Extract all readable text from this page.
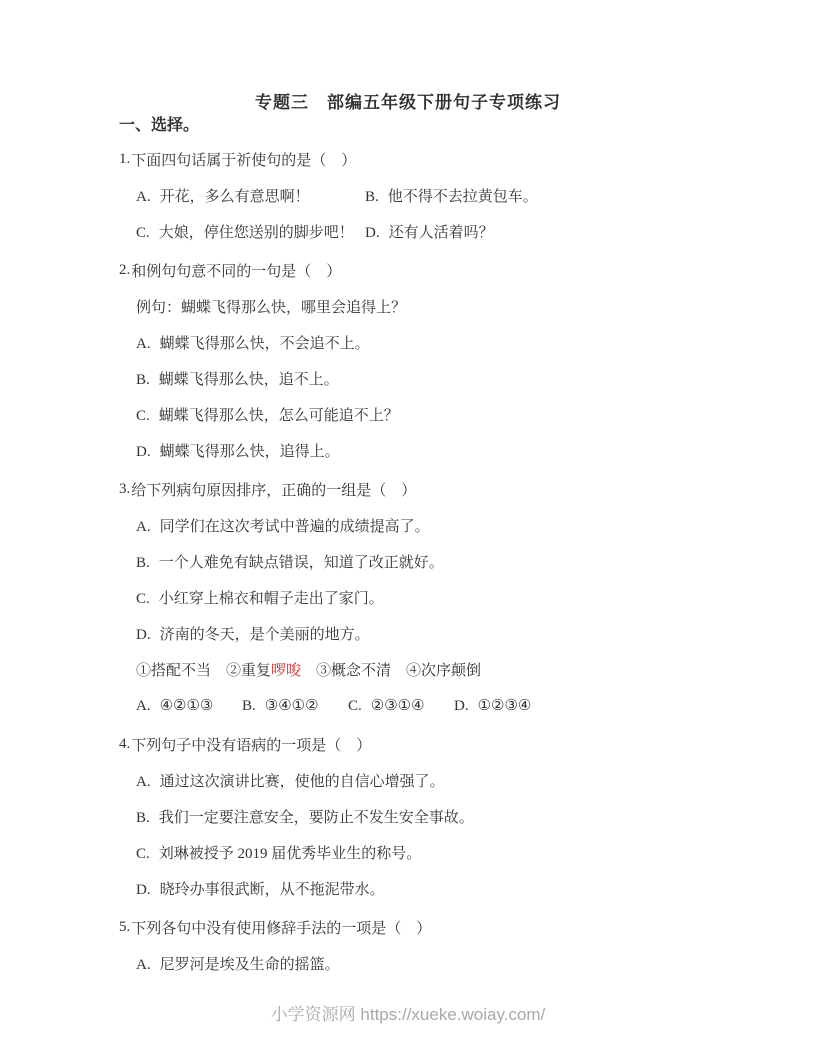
专题三　部编五年级下册句子专项练习
一、选择。
1. 下面四句话属于祈使句的是（　）
A. 开花，多么有意思啊！	B. 他不得不去拉黄包车。
C. 大娘，停住您送别的脚步吧！ D. 还有人活着吗？
2. 和例句句意不同的一句是（　）
例句：蝴蝶飞得那么快，哪里会追得上？
A. 蝴蝶飞得那么快，不会追不上。
B. 蝴蝶飞得那么快，追不上。
C. 蝴蝶飞得那么快，怎么可能追不上？
D. 蝴蝶飞得那么快，追得上。
3. 给下列病句原因排序，正确的一组是（　）
A. 同学们在这次考试中普遍的成绩提高了。
B. 一个人难免有缺点错误，知道了改正就好。
C. 小红穿上棉衣和帽子走出了家门。
D. 济南的冬天，是个美丽的地方。
①搭配不当　②重复 啰唆 　③概念不清　④次序颠倒
A. ④②①③ B. ③④①② C. ②③①④ D. ①②③④
4. 下列句子中没有语病的一项是（　）
A. 通过这次演讲比赛，使他的自信心增强了。
B. 我们一定要注意安全，要防止不发生安全事故。
C. 刘琳被授予 2019 届优秀毕业生的称号。
D. 晓玲办事很武断，从不拖泥带水。
5. 下列各句中没有使用修辞手法的一项是（　）
A. 尼罗河是埃及生命的摇篮。
小学资源网 https://xueke.woiay.com/
